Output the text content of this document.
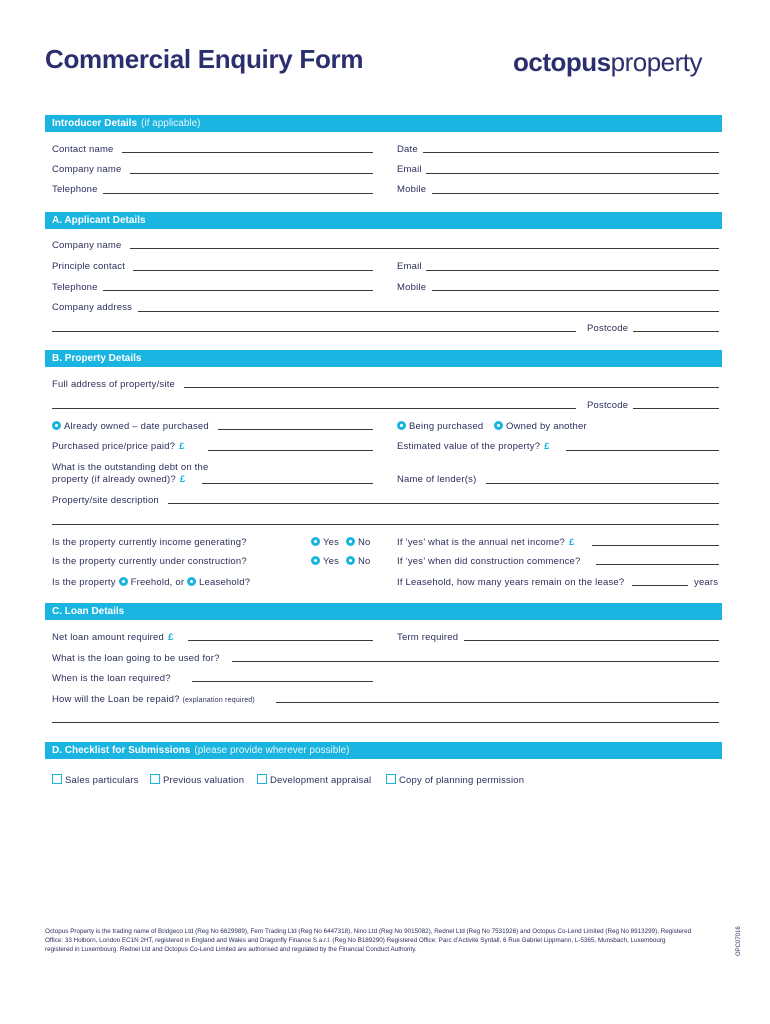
Commercial Enquiry Form	octopusproperty
Introducer Details (if applicable)
Contact name	Date
Company name	Email
Telephone	Mobile
A. Applicant Details
Company name
Principle contact	Email
Telephone	Mobile
Company address
Postcode
B. Property Details
Full address of property/site
Postcode
Already owned – date purchased	Being purchased	Owned by another
Purchased price/price paid? £	Estimated value of the property? £
What is the outstanding debt on the
property (if already owned)? £	Name of lender(s)
Property/site description
Is the property currently income generating?	Yes	No	If ‘yes’ what is the annual net income? £
Is the property currently under construction?	Yes	No	If ‘yes’ when did construction commence?
Is the property Freehold, or Leasehold?	If Leasehold, how many years remain on the lease?	years
C. Loan Details
Net loan amount required £	Term required
What is the loan going to be used for?
When is the loan required?
How will the Loan be repaid? (explanation required)
D. Checklist for Submissions (please provide wherever possible)
Sales particulars	Previous valuation	Development appraisal	Copy of planning permission
Octopus Property is the trading name of Bridgeco Ltd (Reg No 6629989), Fern Trading Ltd (Reg No 6447318), Nino Ltd (Reg No 9015082), Rednel Ltd (Reg No 7531926) and Octopus Co-Lend Limited (Reg No 8913299), Registered Office: 33 Holborn, London EC1N 2HT, registered in England and Wales and Dragonfly Finance S.a.r.l. (Reg No B189290) Registered Office: Parc d’Activité Syrdall, 6 Rue Gabriel Lippmann, L-5365, Munsbach, Luxembourg registered in Luxembourg. Rednel Ltd and Octopus Co-Lend Limited are authorised and regulated by the Financial Conduct Authority.	OPC07016
